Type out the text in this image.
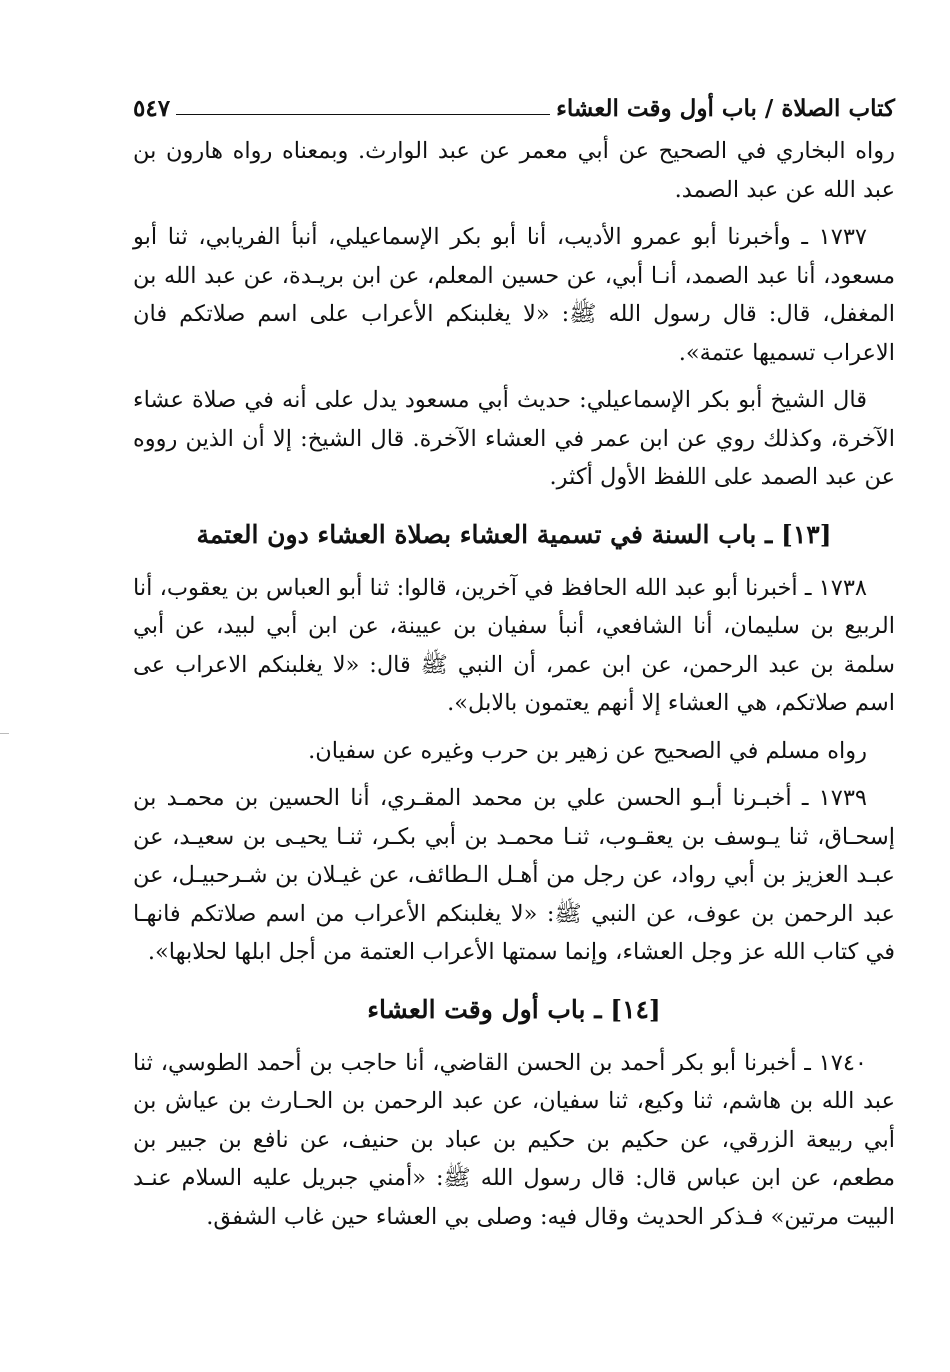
كتاب الصلاة / باب أول وقت العشاء
٥٤٧

رواه البخاري في الصحيح عن أبي معمر عن عبد الوارث. وبمعناه رواه هارون بن عبد الله عن عبد الصمد.

١٧٣٧ ـ وأخبرنا أبو عمرو الأديب، أنا أبو بكر الإسماعيلي، أنبأ الفريابي، ثنا أبو مسعود، أنا عبد الصمد، أنـا أبي، عن حسين المعلم، عن ابن بريـدة، عن عبد الله بن المغفل، قال: قال رسول الله ﷺ: «لا يغلبنكم الأعراب على اسم صلاتكم فان الاعراب تسميها عتمة».

قال الشيخ أبو بكر الإسماعيلي: حديث أبي مسعود يدل على أنه في صلاة عشاء الآخرة، وكذلك روي عن ابن عمر في العشاء الآخرة. قال الشيخ: إلا أن الذين رووه عن عبد الصمد على اللفظ الأول أكثر.

[١٣] ـ باب السنة في تسمية العشاء بصلاة العشاء دون العتمة

١٧٣٨ ـ أخبرنا أبو عبد الله الحافظ في آخرين، قالوا: ثنا أبو العباس بن يعقوب، أنا الربيع بن سليمان، أنا الشافعي، أنبأ سفيان بن عيينة، عن ابن أبي لبيد، عن أبي سلمة بن عبد الرحمن، عن ابن عمر، أن النبي ﷺ قال: «لا يغلبنكم الاعراب عى اسم صلاتكم، هي العشاء إلا أنهم يعتمون بالابل».

رواه مسلم في الصحيح عن زهير بن حرب وغيره عن سفيان.

١٧٣٩ ـ أخبـرنا أبـو الحسن علي بن محمد المقـري، أنا الحسين بن محمـد بن إسحـاق، ثنا يـوسف بن يعقـوب، ثنـا محمـد بن أبي بكـر، ثنـا يحيـى بن سعيـد، عن عبـد العزيز بن أبي رواد، عن رجل من أهـل الـطائف، عن غيـلان بن شـرحبيـل، عن عبد الرحمن بن عوف، عن النبي ﷺ: «لا يغلبنكم الأعراب من اسم صلاتكم فانهـا في كتاب الله عز وجل العشاء، وإنما سمتها الأعراب العتمة من أجل ابلها لحلابها».

[١٤] ـ باب أول وقت العشاء

١٧٤٠ ـ أخبرنا أبو بكر أحمد بن الحسن القاضي، أنا حاجب بن أحمد الطوسي، ثنا عبد الله بن هاشم، ثنا وكيع، ثنا سفيان، عن عبد الرحمن بن الحـارث بن عياش بن أبي ربيعة الزرقي، عن حكيم بن حكيم بن عباد بن حنيف، عن نافع بن جبير بن مطعم، عن ابن عباس قال: قال رسول الله ﷺ: «أمني جبريل عليه السلام عنـد البيت مرتين» فـذكر الحديث وقال فيه: وصلى بي العشاء حين غاب الشفق.
